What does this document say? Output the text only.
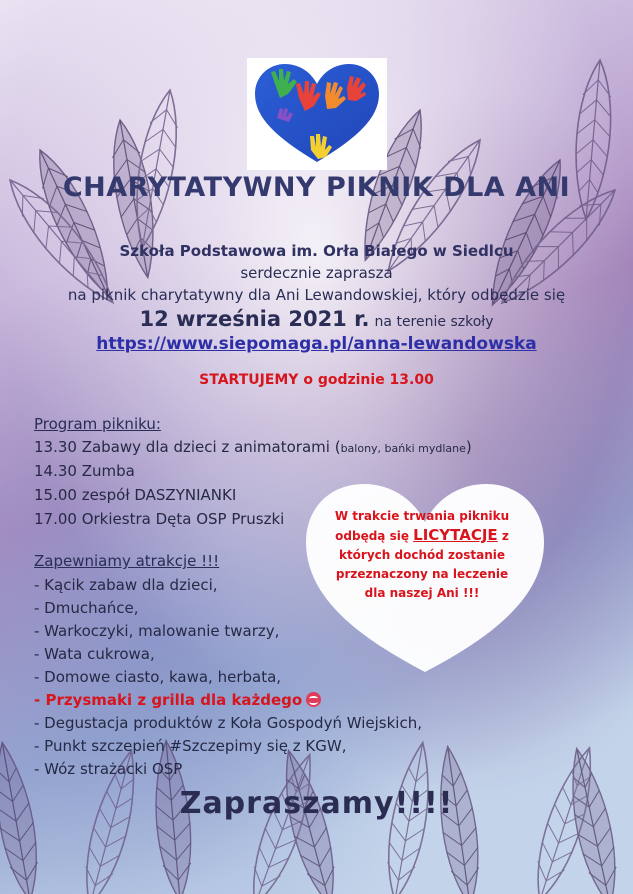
CHARYTATYWNY PIKNIK DLA ANI
Szkoła Podstawowa im. Orła Białego w Siedlcu
serdecznie zaprasza
na piknik charytatywny dla Ani Lewandowskiej, który odbędzie się
12 września 2021 r. na terenie szkoły
https://www.siepomaga.pl/anna-lewandowska
STARTUJEMY o godzinie 13.00
Program pikniku:
13.30 Zabawy dla dzieci z animatorami (balony, bańki mydlane)
14.30 Zumba
15.00 zespół DASZYNIANKI
17.00 Orkiestra Dęta OSP Pruszki
Zapewniamy atrakcje !!!
- Kącik zabaw dla dzieci,
- Dmuchańce,
- Warkoczyki, malowanie twarzy,
- Wata cukrowa,
- Domowe ciasto, kawa, herbata,
- Przysmaki z grilla dla każdego
- Degustacja produktów z Koła Gospodyń Wiejskich,
- Punkt szczepień #Szczepimy się z KGW,
- Wóz strażacki OSP
W trakcie trwania pikniku
odbędą się LICYTACJE z
których dochód zostanie
przeznaczony na leczenie
dla naszej Ani !!!
Zapraszamy!!!!
